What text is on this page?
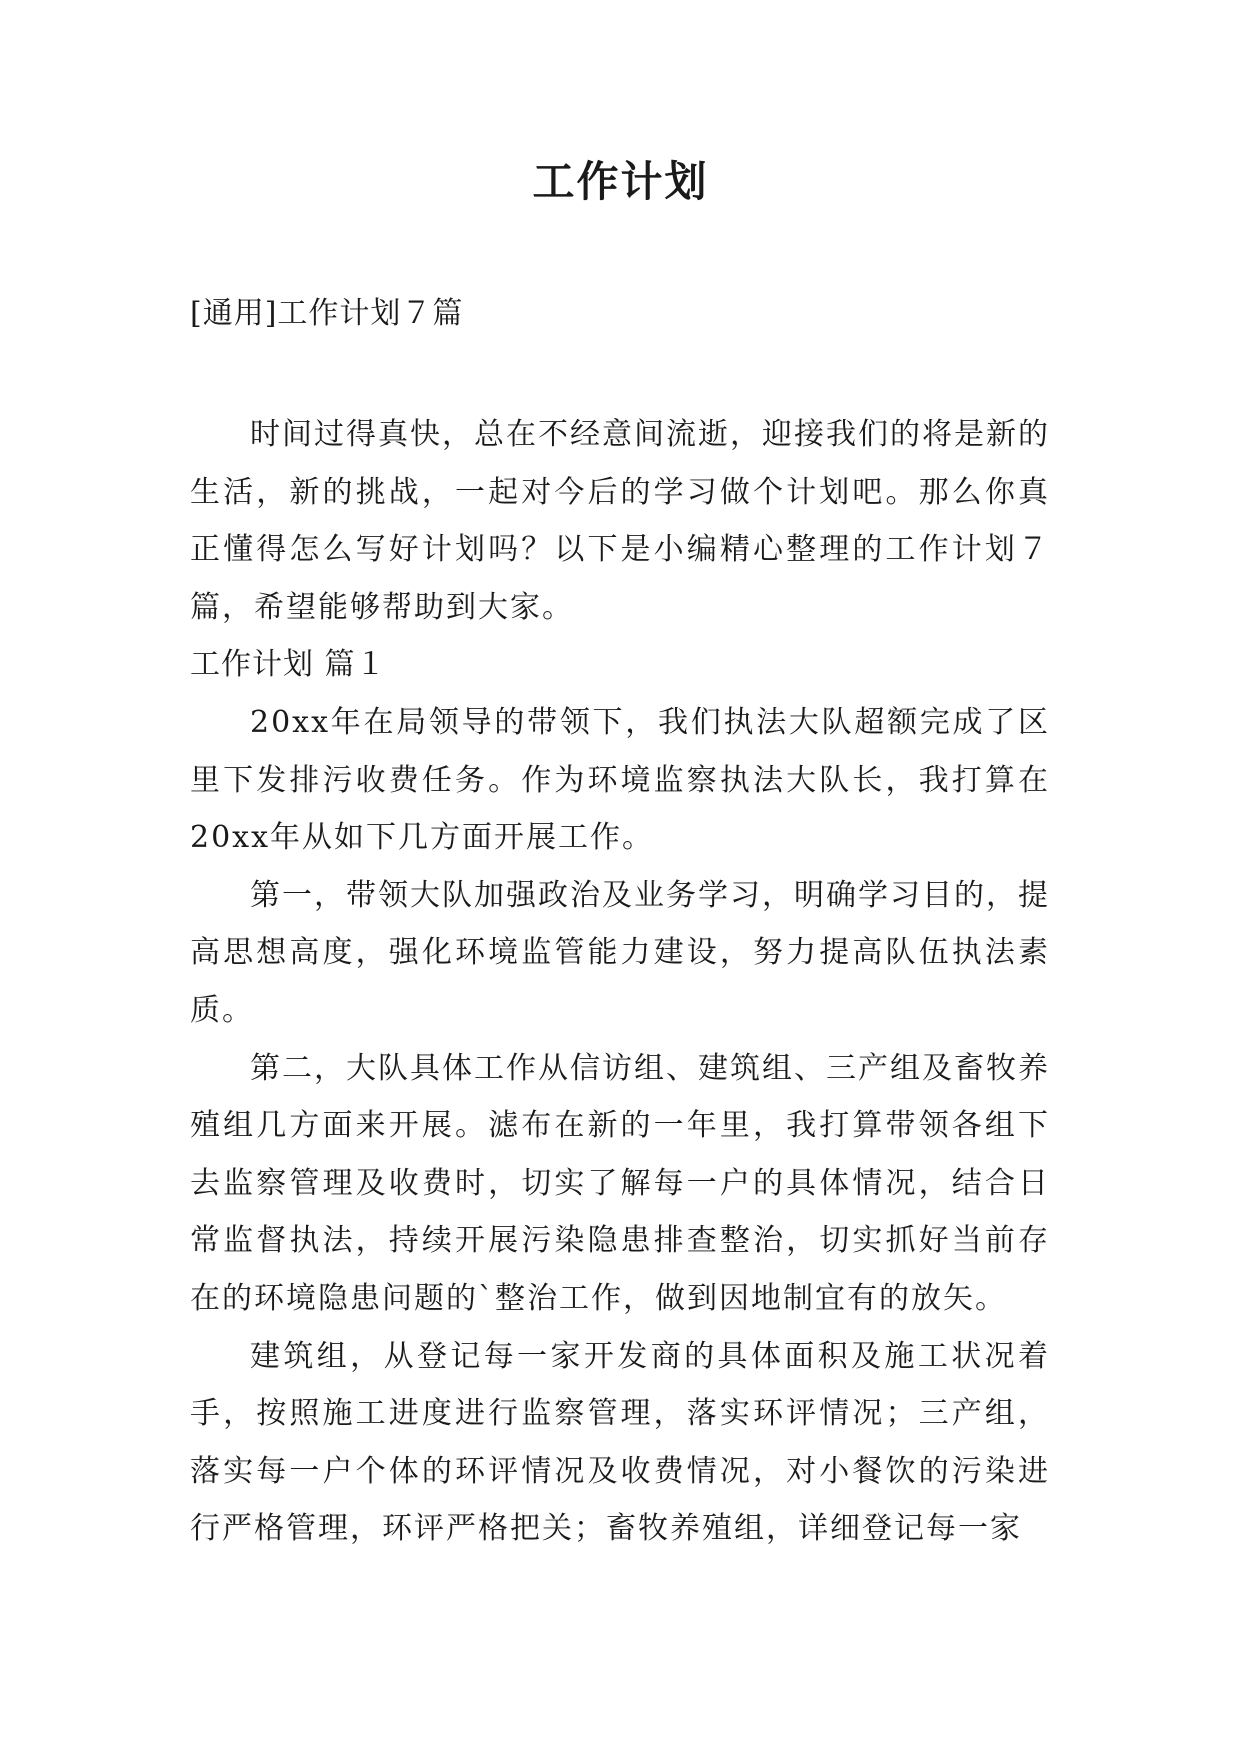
工作计划

[通用]工作计划７篇

时间过得真快，总在不经意间流逝，迎接我们的将是新的生活，新的挑战，一起对今后的学习做个计划吧。那么你真正懂得怎么写好计划吗？以下是小编精心整理的工作计划７篇，希望能够帮助到大家。

工作计划 篇１

20xx年在局领导的带领下，我们执法大队超额完成了区里下发排污收费任务。作为环境监察执法大队长，我打算在20xx年从如下几方面开展工作。

第一，带领大队加强政治及业务学习，明确学习目的，提高思想高度，强化环境监管能力建设，努力提高队伍执法素质。

第二，大队具体工作从信访组、建筑组、三产组及畜牧养殖组几方面来开展。滤布在新的一年里，我打算带领各组下去监察管理及收费时，切实了解每一户的具体情况，结合日常监督执法，持续开展污染隐患排查整治，切实抓好当前存在的环境隐患问题的`整治工作，做到因地制宜有的放矢。

建筑组，从登记每一家开发商的具体面积及施工状况着手，按照施工进度进行监察管理，落实环评情况；三产组，落实每一户个体的环评情况及收费情况，对小餐饮的污染进行严格管理，环评严格把关；畜牧养殖组，详细登记每一家
